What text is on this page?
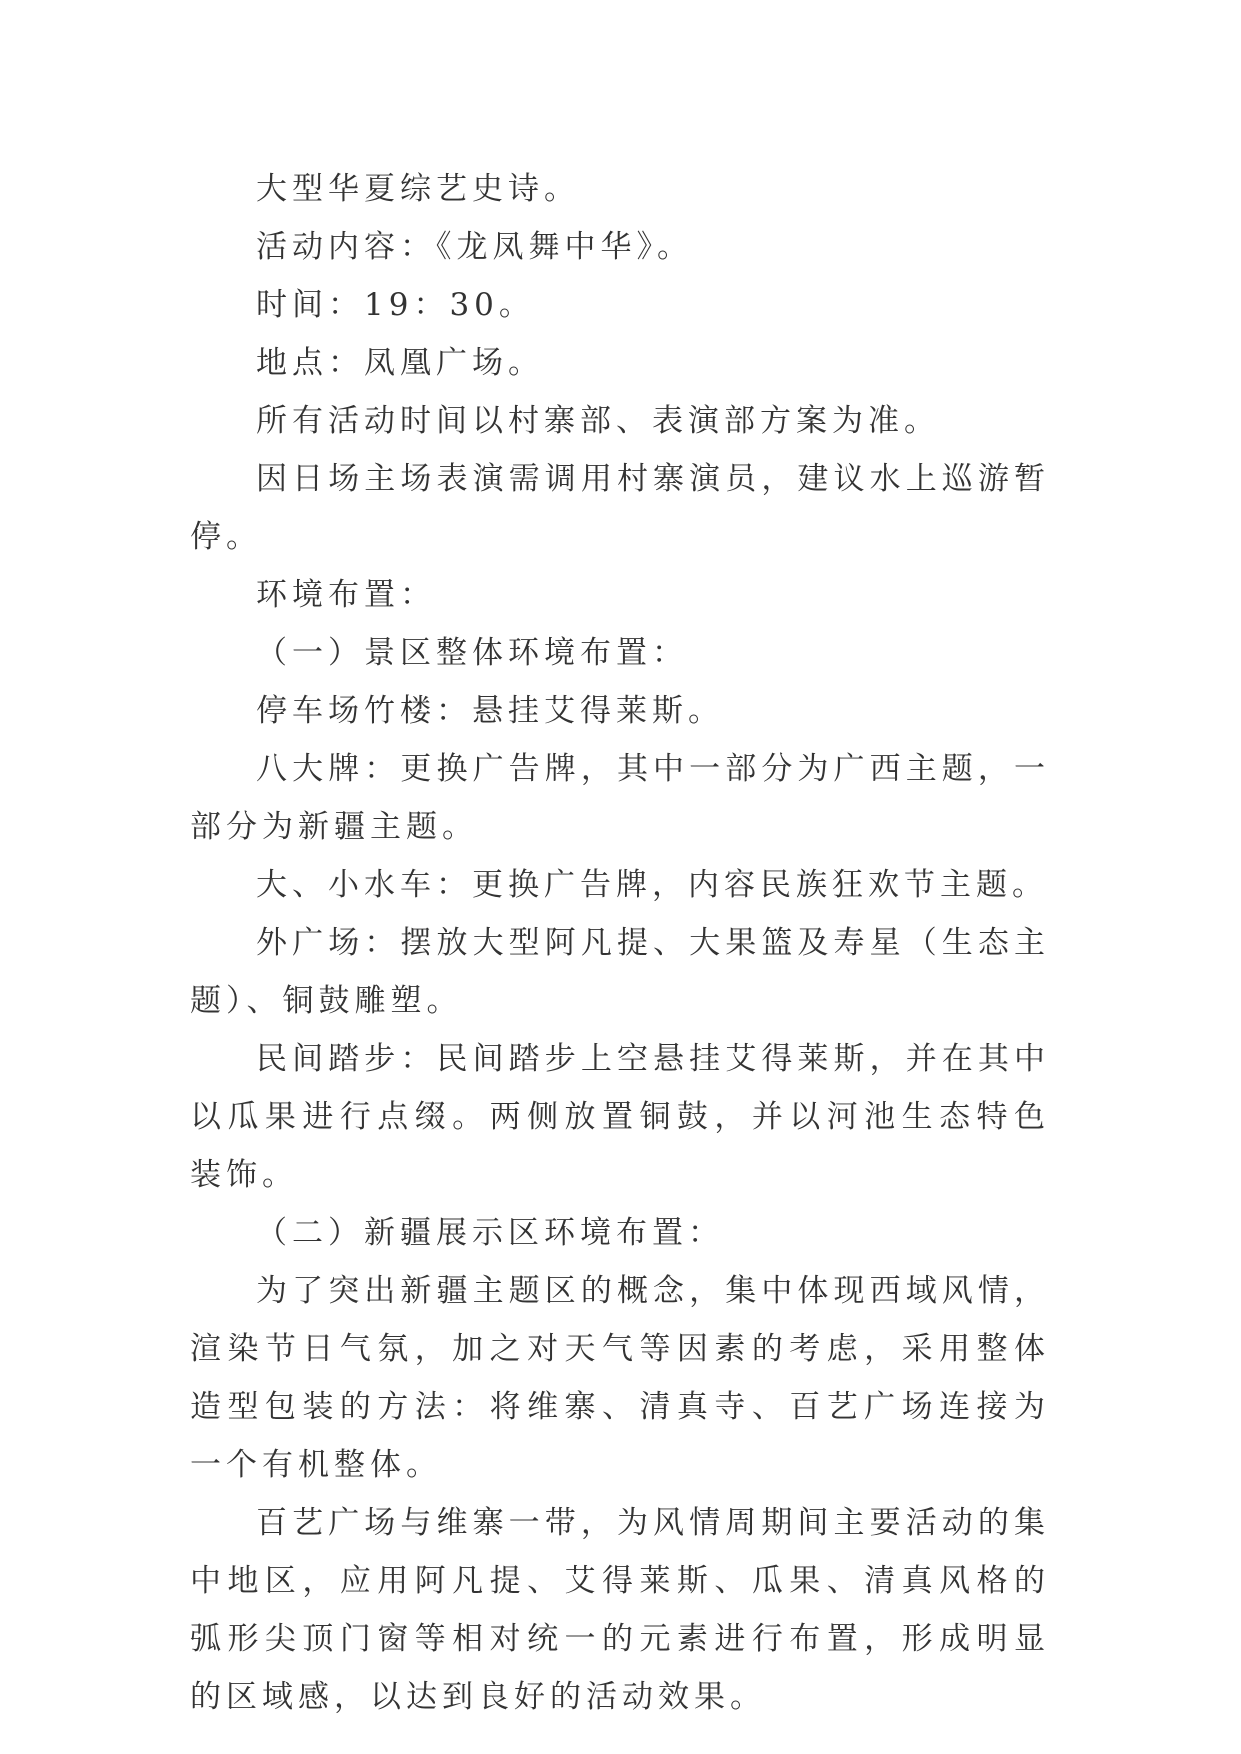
大型华夏综艺史诗。

活动内容：《龙凤舞中华》。

时间：19：30。

地点：凤凰广场。

所有活动时间以村寨部、表演部方案为准。

因日场主场表演需调用村寨演员，建议水上巡游暂停。

环境布置：

（一）景区整体环境布置：

停车场竹楼：悬挂艾得莱斯。

八大牌：更换广告牌，其中一部分为广西主题，一部分为新疆主题。

大、小水车：更换广告牌，内容民族狂欢节主题。

外广场：摆放大型阿凡提、大果篮及寿星（生态主题）、铜鼓雕塑。

民间踏步：民间踏步上空悬挂艾得莱斯，并在其中以瓜果进行点缀。两侧放置铜鼓，并以河池生态特色装饰。

（二）新疆展示区环境布置：

为了突出新疆主题区的概念，集中体现西域风情，渲染节日气氛，加之对天气等因素的考虑，采用整体造型包装的方法：将维寨、清真寺、百艺广场连接为一个有机整体。

百艺广场与维寨一带，为风情周期间主要活动的集中地区，应用阿凡提、艾得莱斯、瓜果、清真风格的弧形尖顶门窗等相对统一的元素进行布置，形成明显的区域感，以达到良好的活动效果。
